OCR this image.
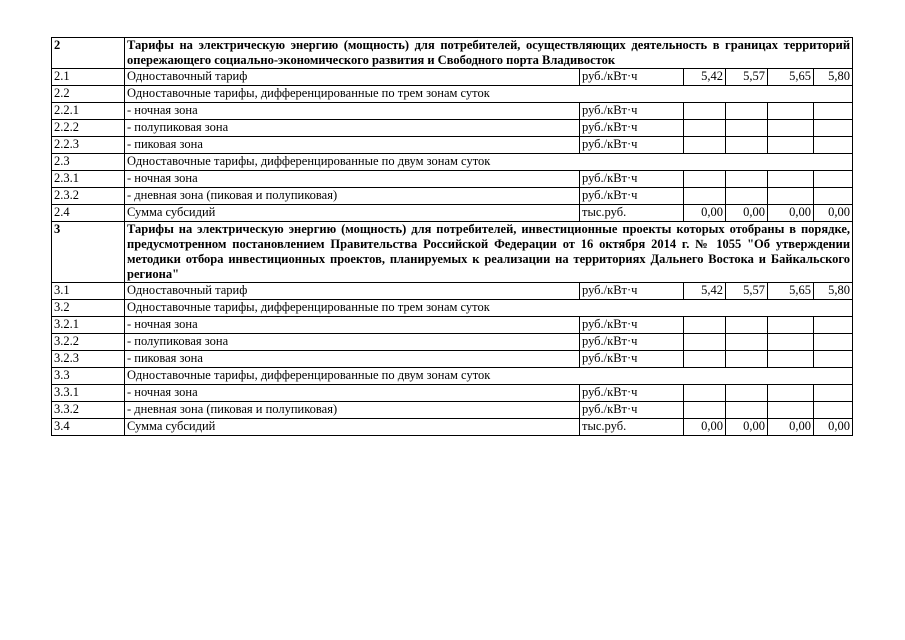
2	Тарифы на электрическую энергию (мощность) для потребителей, осуществляющих деятельность в границах территорий опережающего социально-экономического развития и Свободного порта Владивосток					
2.1	Одноставочный тариф	руб./кВт·ч	5,42	5,57	5,65	5,80
2.2	Одноставочные тарифы, дифференцированные по трем зонам суток					
2.2.1	- ночная зона	руб./кВт·ч				
2.2.2	- полупиковая зона	руб./кВт·ч				
2.2.3	- пиковая зона	руб./кВт·ч				
2.3	Одноставочные тарифы, дифференцированные по двум зонам суток					
2.3.1	- ночная зона	руб./кВт·ч				
2.3.2	- дневная зона (пиковая и полупиковая)	руб./кВт·ч				
2.4	Сумма субсидий	тыс.руб.	0,00	0,00	0,00	0,00
3	Тарифы на электрическую энергию (мощность) для потребителей, инвестиционные проекты которых отобраны в порядке, предусмотренном постановлением Правительства Российской Федерации от 16 октября 2014 г. № 1055 "Об утверждении методики отбора инвестиционных проектов, планируемых к реализации на территориях Дальнего Востока и Байкальского региона"					
3.1	Одноставочный тариф	руб./кВт·ч	5,42	5,57	5,65	5,80
3.2	Одноставочные тарифы, дифференцированные по трем зонам суток					
3.2.1	- ночная зона	руб./кВт·ч				
3.2.2	- полупиковая зона	руб./кВт·ч				
3.2.3	- пиковая зона	руб./кВт·ч				
3.3	Одноставочные тарифы, дифференцированные по двум зонам суток					
3.3.1	- ночная зона	руб./кВт·ч				
3.3.2	- дневная зона (пиковая и полупиковая)	руб./кВт·ч				
3.4	Сумма субсидий	тыс.руб.	0,00	0,00	0,00	0,00
